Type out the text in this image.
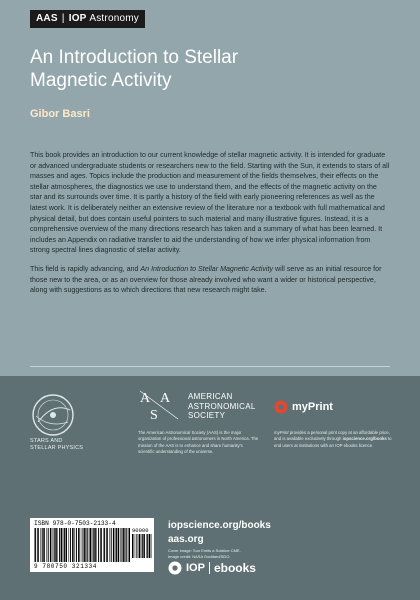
AAS | IOP Astronomy
An Introduction to Stellar
Magnetic Activity
Gibor Basri

This book provides an introduction to our current knowledge of stellar magnetic activity. It is intended for graduate or advanced undergraduate students or researchers new to the field. Starting with the Sun, it extends to stars of all masses and ages. Topics include the production and measurement of the fields themselves, their effects on the stellar atmospheres, the diagnostics we use to understand them, and the effects of the magnetic activity on the star and its surrounds over time. It is partly a history of the field with early pioneering references as well as the latest work. It is deliberately neither an extensive review of the literature nor a textbook with full mathematical and physical detail, but does contain useful pointers to such material and many illustrative figures. Instead, it is a comprehensive overview of the many directions research has taken and a summary of what has been learned. It includes an Appendix on radiative transfer to aid the understanding of how we infer physical information from strong spectral lines diagnostic of stellar activity.

This field is rapidly advancing, and An Introduction to Stellar Magnetic Activity will serve as an initial resource for those new to the area, or as an overview for those already involved who want a wider or historical perspective, along with suggestions as to which directions that new research might take.

STARS AND
STELLAR PHYSICS
A A
S
AMERICAN
ASTRONOMICAL
SOCIETY
The American Astronomical Society (AAS) is the major organization of professional astronomers in North America. The mission of the AAS is to enhance and share humanity's scientific understanding of the universe.
myPrint
myPrint provides a personal print copy at an affordable price, and is available exclusively through iopscience.org/books to end users at institutions with an IOP ebooks licence.
ISBN 978-0-7503-2133-4
9 780750 321334
90000 iopscience.org/books
aas.org
Cover image: Sun Emits a Solstice CME.
Image credit: NASA Goddard/SDO.
IOP ebooks
